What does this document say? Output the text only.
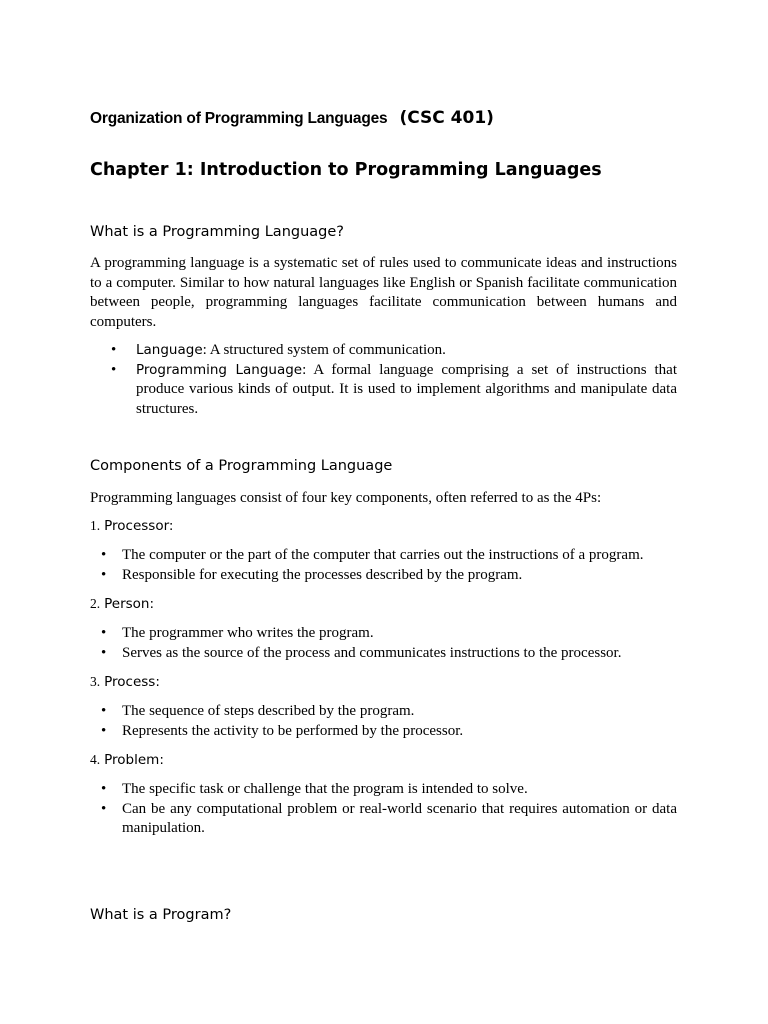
Organization of Programming Languages (CSC 401)
Chapter 1: Introduction to Programming Languages
What is a Programming Language?

A programming language is a systematic set of rules used to communicate ideas and instructions to a computer. Similar to how natural languages like English or Spanish facilitate communication between people, programming languages facilitate communication between humans and computers.

• Language: A structured system of communication.
• Programming Language: A formal language comprising a set of instructions that produce various kinds of output. It is used to implement algorithms and manipulate data structures.
Components of a Programming Language

Programming languages consist of four key components, often referred to as the 4Ps:

1. Processor:
• The computer or the part of the computer that carries out the instructions of a program.
• Responsible for executing the processes described by the program.
2. Person:
• The programmer who writes the program.
• Serves as the source of the process and communicates instructions to the processor.
3. Process:
• The sequence of steps described by the program.
• Represents the activity to be performed by the processor.
4. Problem:
• The specific task or challenge that the program is intended to solve.
• Can be any computational problem or real-world scenario that requires automation or data manipulation.
What is a Program?
